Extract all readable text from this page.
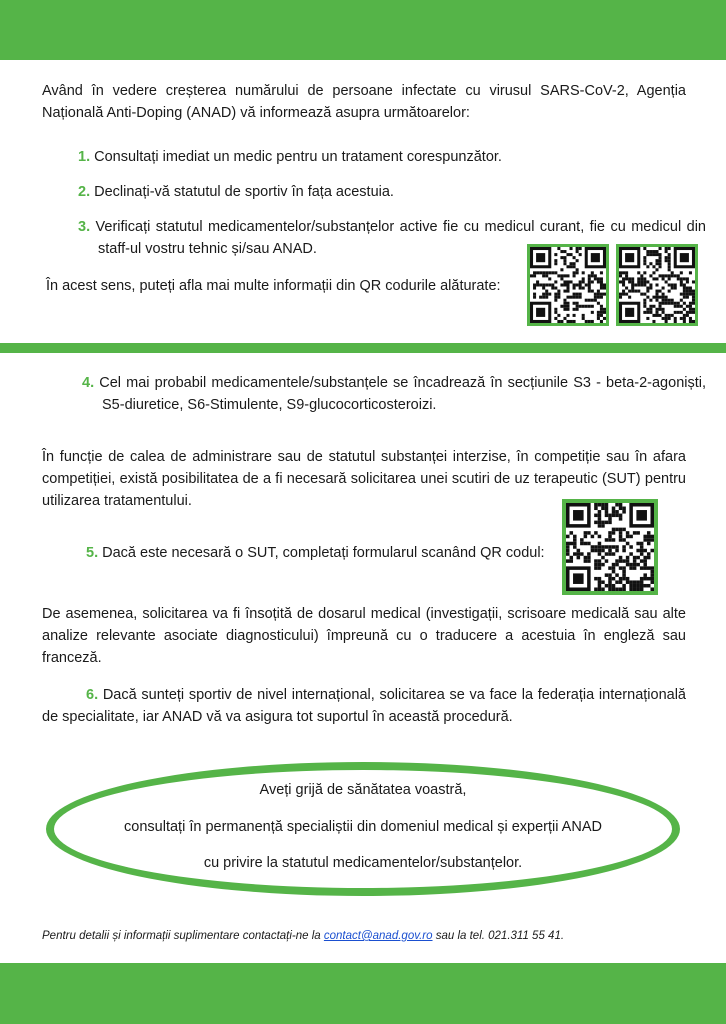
Având în vedere creșterea numărului de persoane infectate cu virusul SARS-CoV-2, Agenția Națională Anti-Doping (ANAD) vă informează asupra următoarelor:

1. Consultați imediat un medic pentru un tratament corespunzător.
2. Declinați-vă statutul de sportiv în fața acestuia.
3. Verificați statutul medicamentelor/substanțelor active fie cu medicul curant, fie cu medicul din staff-ul vostru tehnic și/sau ANAD.
În acest sens, puteți afla mai multe informații din QR codurile alăturate:
4. Cel mai probabil medicamentele/substanțele se încadrează în secțiunile S3 - beta-2-agoniști, S5-diuretice, S6-Stimulente, S9-glucocorticosteroizi.

În funcție de calea de administrare sau de statutul substanței interzise, în competiție sau în afara competiției, există posibilitatea de a fi necesară solicitarea unei scutiri de uz terapeutic (SUT) pentru utilizarea tratamentului.

5. Dacă este necesară o SUT, completați formularul scanând QR codul:

De asemenea, solicitarea va fi însoțită de dosarul medical (investigații, scrisoare medicală sau alte analize relevante asociate diagnosticului) împreună cu o traducere a acestuia în engleză sau franceză.

6. Dacă sunteți sportiv de nivel internațional, solicitarea se va face la federația internațională de specialitate, iar ANAD vă va asigura tot suportul în această procedură.
Aveți grijă de sănătatea voastră,
consultați în permanență specialiștii din domeniul medical și experții ANAD
cu privire la statutul medicamentelor/substanțelor.
Pentru detalii și informații suplimentare contactați-ne la contact@anad.gov.ro sau la tel. 021.311 55 41.
